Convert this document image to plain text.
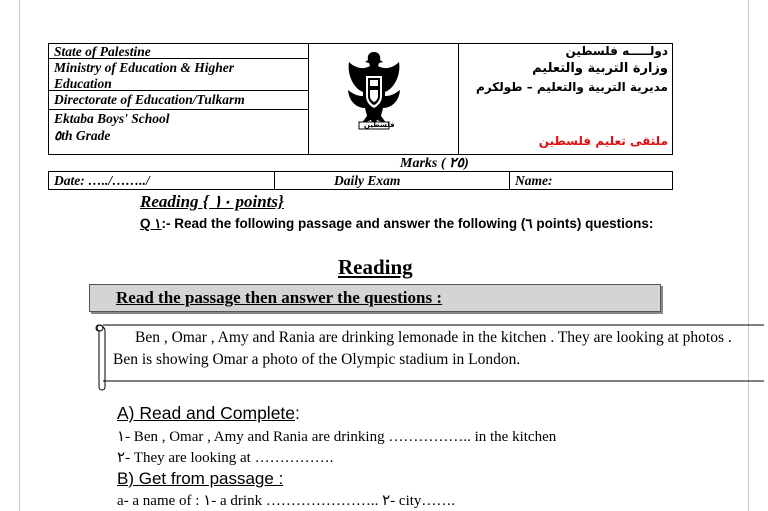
State of Palestine
Ministry of Education & Higher
Education
Directorate of Education/Tulkarm
Ektaba Boys' School
٥th Grade
فلسطين
دولـــــه فلسطين
وزارة التربية والتعليم
مديرية التربية والتعليم – طولكرم
ملتقى تعليم فلسطين
Marks ( ٢٥)
Date: …../……../	Daily Exam	Name:
Reading { ١٠ points}
Q ١:- Read the following passage and answer the following (٦ points) questions:
Reading
Read the passage then answer the questions :
Ben , Omar , Amy and Rania are drinking lemonade in the kitchen . They are looking at photos . Ben is showing Omar a photo of the Olympic stadium in London.
A) Read and Complete:
١- Ben , Omar , Amy and Rania are drinking …………….. in the kitchen
٢- They are looking at …………….
B) Get from passage :
a- a name of : ١- a drink ………………….. ٢- city…….
